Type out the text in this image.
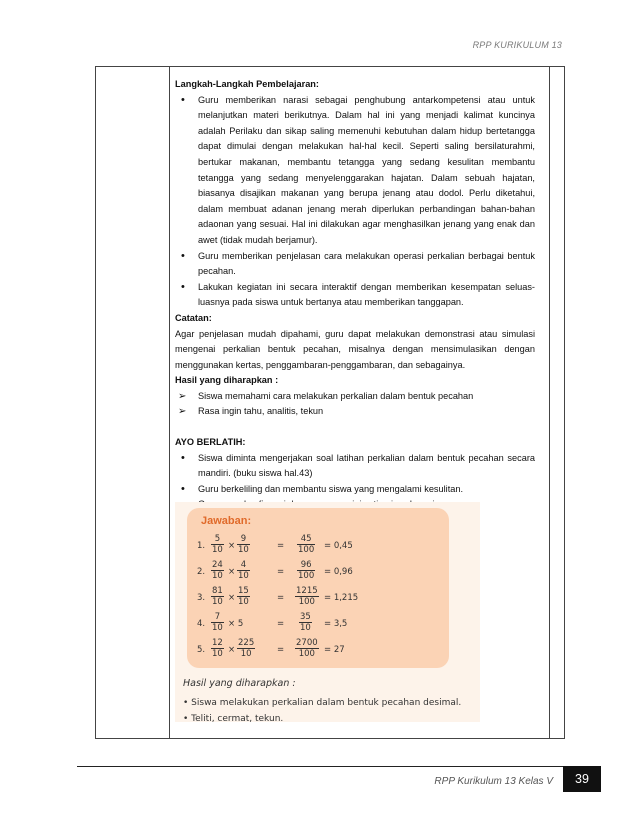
RPP KURIKULUM 13

Langkah-Langkah Pembelajaran:

• Guru memberikan narasi sebagai penghubung antarkompetensi atau untuk melanjutkan materi berikutnya. Dalam hal ini yang menjadi kalimat kuncinya adalah Perilaku dan sikap saling memenuhi kebutuhan dalam hidup bertetangga dapat dimulai dengan melakukan hal-hal kecil. Seperti saling bersilaturahmi, bertukar makanan, membantu tetangga yang sedang kesulitan membantu tetangga yang sedang menyelenggarakan hajatan. Dalam sebuah hajatan, biasanya disajikan makanan yang berupa jenang atau dodol. Perlu diketahui, dalam membuat adanan jenang merah diperlukan perbandingan bahan-bahan adaonan yang sesuai. Hal ini dilakukan agar menghasilkan jenang yang enak dan awet (tidak mudah berjamur).
• Guru memberikan penjelasan cara melakukan operasi perkalian berbagai bentuk pecahan.
• Lakukan kegiatan ini secara interaktif dengan memberikan kesempatan seluas-luasnya pada siswa untuk bertanya atau memberikan tanggapan.

Catatan:

Agar penjelasan mudah dipahami, guru dapat melakukan demonstrasi atau simulasi mengenai perkalian bentuk pecahan, misalnya dengan mensimulasikan dengan menggunakan kertas, penggambaran-penggambaran, dan sebagainya.

Hasil yang diharapkan :

➢ Siswa memahami cara melakukan perkalian dalam bentuk pecahan
➢ Rasa ingin tahu, analitis, tekun

AYO BERLATIH:

• Siswa diminta mengerjakan soal latihan perkalian dalam bentuk pecahan secara mandiri. (buku siswa hal.43)
• Guru berkeliling dan membantu siswa yang mengalami kesulitan.
•
Jawaban:
1. $\frac{5}{10} \times \frac{9}{10}$	= $\frac{45}{100} = 0,45$
2. $\frac{24}{10} \times \frac{4}{10}$	= $\frac{96}{100} = 0,96$
3. $\frac{81}{10} \times \frac{15}{10}$	= $\frac{1215}{100} = 1,215$
4. $\frac{7}{10} \times 5$	= $\frac{35}{10} = 3,5$
5. $\frac{12}{10} \times \frac{225}{10}$	= $\frac{2700}{100} = 27$
Hasil yang diharapkan :
• Siswa melakukan perkalian dalam bentuk pecahan desimal.
• Teliti, cermat, tekun.
RPP Kurikulum 13 Kelas V	39
